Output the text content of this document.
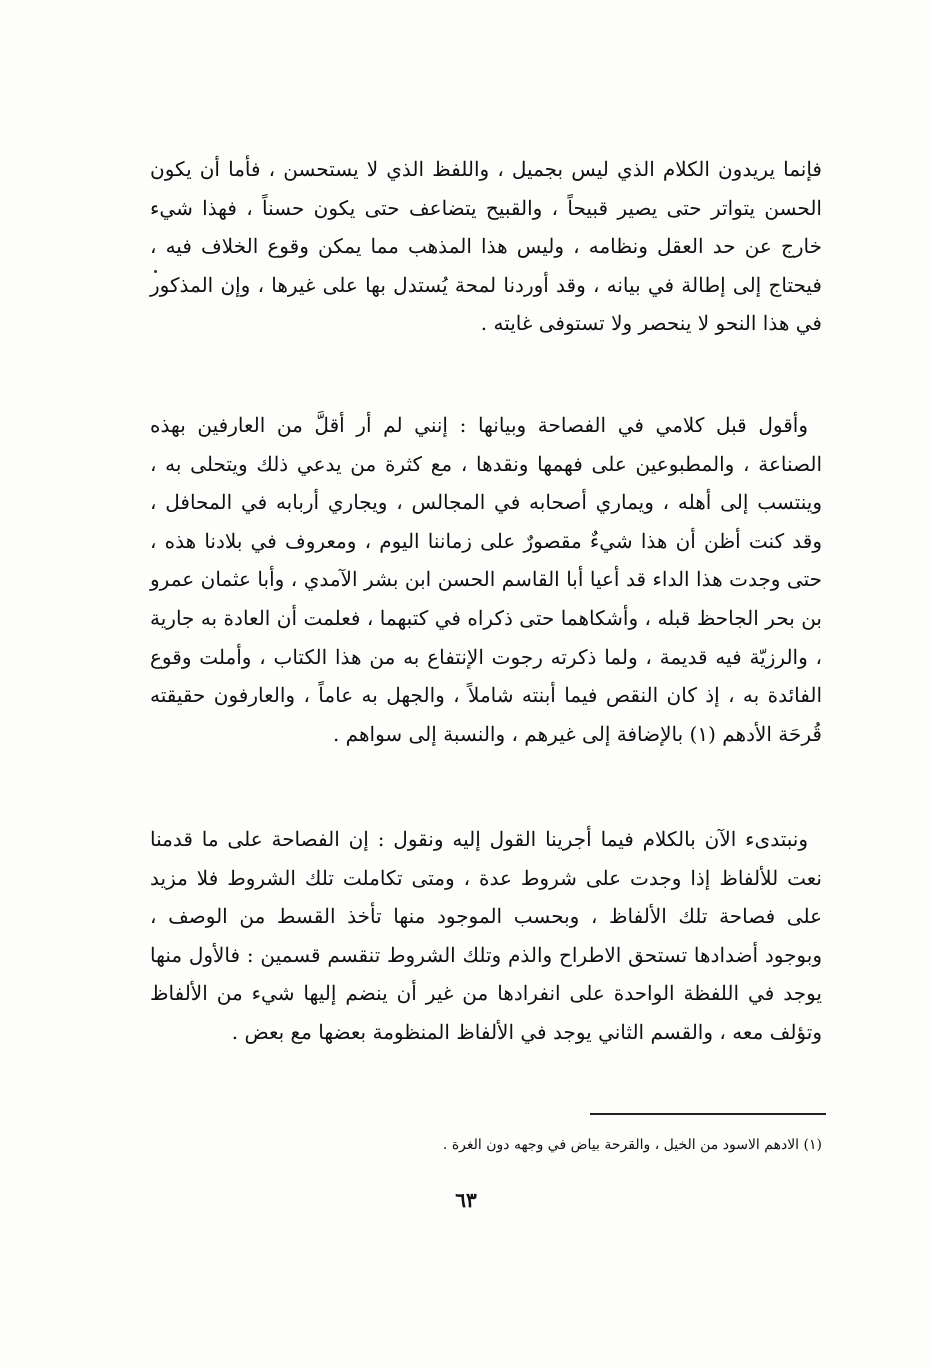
فإنما يريدون الكلام الذي ليس بجميل ، واللفظ الذي لا يستحسن ، فأما أن يكون الحسن يتواتر حتى يصير قبيحاً ، والقبيح يتضاعف حتى يكون حسناً ، فهذا شيء خارج عن حد العقل ونظامه ، وليس هذا المذهب مما يمكن وقوع الخلاف فيه ، فيحتاج إلى إطالة في بيانه ، وقد أوردنا لمحة يُستدل بها على غيرها ، وإن المذكور في هذا النحو لا ينحصر ولا تستوفى غايته .

وأقول قبل كلامي في الفصاحة وبيانها : إنني لم أر أقلَّ من العارفين بهذه الصناعة ، والمطبوعين على فهمها ونقدها ، مع كثرة من يدعي ذلك ويتحلى به ، وينتسب إلى أهله ، ويماري أصحابه في المجالس ، ويجاري أربابه في المحافل ، وقد كنت أظن أن هذا شيءٌ مقصورٌ على زماننا اليوم ، ومعروف في بلادنا هذه ، حتى وجدت هذا الداء قد أعيا أبا القاسم الحسن ابن بشر الآمدي ، وأبا عثمان عمرو بن بحر الجاحظ قبله ، وأشكاهما حتى ذكراه في كتبهما ، فعلمت أن العادة به جارية ، والرزيّة فيه قديمة ، ولما ذكرته رجوت الإنتفاع به من هذا الكتاب ، وأملت وقوع الفائدة به ، إذ كان النقص فيما أبنته شاملاً ، والجهل به عاماً ، والعارفون حقيقته قُرحَة الأدهم (١) بالإضافة إلى غيرهم ، والنسبة إلى سواهم .

ونبتدىء الآن بالكلام فيما أجرينا القول إليه ونقول : إن الفصاحة على ما قدمنا نعت للألفاظ إذا وجدت على شروط عدة ، ومتى تكاملت تلك الشروط فلا مزيد على فصاحة تلك الألفاظ ، وبحسب الموجود منها تأخذ القسط من الوصف ، وبوجود أضدادها تستحق الاطراح والذم وتلك الشروط تنقسم قسمين : فالأول منها يوجد في اللفظة الواحدة على انفرادها من غير أن ينضم إليها شيء من الألفاظ وتؤلف معه ، والقسم الثاني يوجد في الألفاظ المنظومة بعضها مع بعض .

(١) الادهم الاسود من الخيل ، والقرحة بياض في وجهه دون الغرة .
٦٣
